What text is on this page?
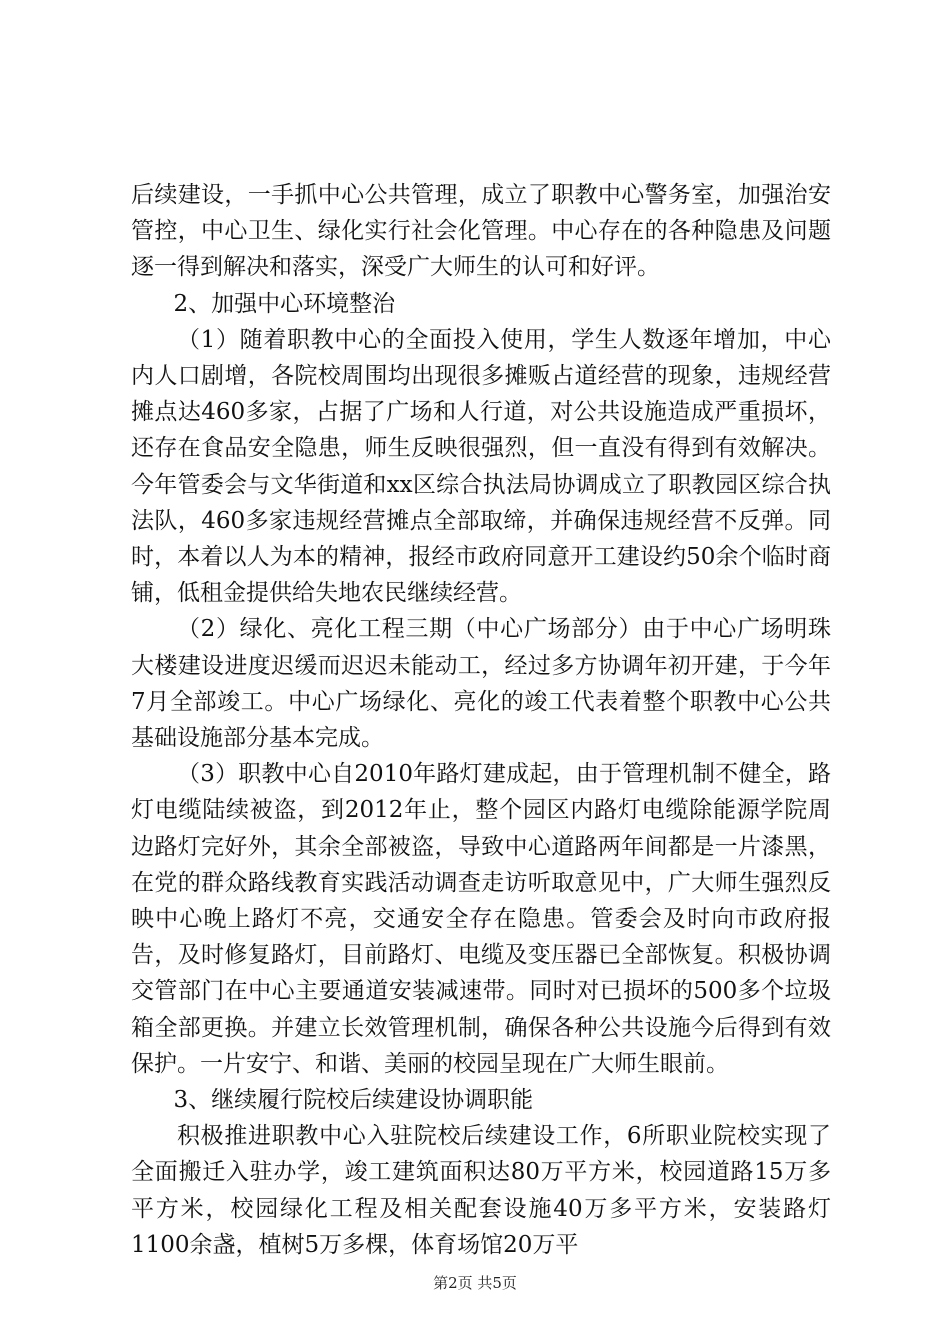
后续建设，一手抓中心公共管理，成立了职教中心警务室，加强治安管控，中心卫生、绿化实行社会化管理。中心存在的各种隐患及问题逐一得到解决和落实，深受广大师生的认可和好评。

2、加强中心环境整治

（1）随着职教中心的全面投入使用，学生人数逐年增加，中心内人口剧增，各院校周围均出现很多摊贩占道经营的现象，违规经营摊点达460多家，占据了广场和人行道，对公共设施造成严重损坏，还存在食品安全隐患，师生反映很强烈，但一直没有得到有效解决。今年管委会与文华街道和xx区综合执法局协调成立了职教园区综合执法队，460多家违规经营摊点全部取缔，并确保违规经营不反弹。同时，本着以人为本的精神，报经市政府同意开工建设约50余个临时商铺，低租金提供给失地农民继续经营。

（2）绿化、亮化工程三期（中心广场部分）由于中心广场明珠大楼建设进度迟缓而迟迟未能动工，经过多方协调年初开建，于今年7月全部竣工。中心广场绿化、亮化的竣工代表着整个职教中心公共基础设施部分基本完成。

（3）职教中心自2010年路灯建成起，由于管理机制不健全，路灯电缆陆续被盗，到2012年止，整个园区内路灯电缆除能源学院周边路灯完好外，其余全部被盗，导致中心道路两年间都是一片漆黑，在党的群众路线教育实践活动调查走访听取意见中，广大师生强烈反映中心晚上路灯不亮，交通安全存在隐患。管委会及时向市政府报告，及时修复路灯，目前路灯、电缆及变压器已全部恢复。积极协调交管部门在中心主要通道安装减速带。同时对已损坏的500多个垃圾箱全部更换。并建立长效管理机制，确保各种公共设施今后得到有效保护。一片安宁、和谐、美丽的校园呈现在广大师生眼前。

3、继续履行院校后续建设协调职能

积极推进职教中心入驻院校后续建设工作，6所职业院校实现了全面搬迁入驻办学，竣工建筑面积达80万平方米，校园道路15万多平方米，校园绿化工程及相关配套设施40万多平方米，安装路灯1100余盏，植树5万多棵，体育场馆20万平

第2页 共5页
